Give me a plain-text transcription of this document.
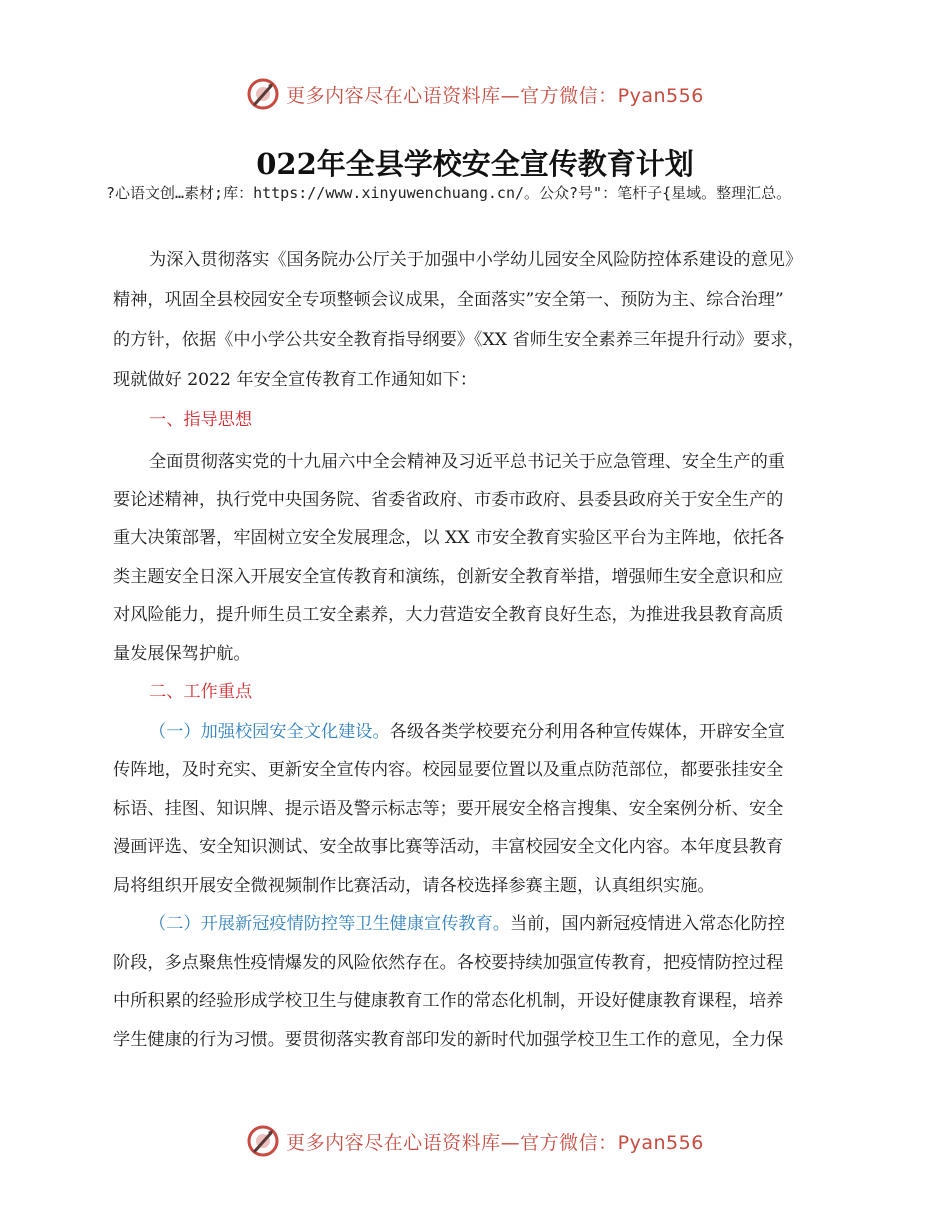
更多内容尽在心语资料库—官方微信：Pyan556
022年全县学校安全宣传教育计划
?心语文创…素材;库：https://www.xinyuwenchuang.cn/。公众?号"：笔杆子{星域。整理汇总。
为深入贯彻落实《国务院办公厅关于加强中小学幼儿园安全风险防控体系建设的意见》
精神，巩固全县校园安全专项整顿会议成果，全面落实”安全第一、预防为主、综合治理”
的方针，依据《中小学公共安全教育指导纲要》《XX 省师生安全素养三年提升行动》要求，
现就做好 2022 年安全宣传教育工作通知如下：
一、指导思想
全面贯彻落实党的十九届六中全会精神及习近平总书记关于应急管理、安全生产的重
要论述精神，执行党中央国务院、省委省政府、市委市政府、县委县政府关于安全生产的
重大决策部署，牢固树立安全发展理念，以 XX 市安全教育实验区平台为主阵地，依托各
类主题安全日深入开展安全宣传教育和演练，创新安全教育举措，增强师生安全意识和应
对风险能力，提升师生员工安全素养，大力营造安全教育良好生态，为推进我县教育高质
量发展保驾护航。
二、工作重点
（一）加强校园安全文化建设。各级各类学校要充分利用各种宣传媒体，开辟安全宣
传阵地，及时充实、更新安全宣传内容。校园显要位置以及重点防范部位，都要张挂安全
标语、挂图、知识牌、提示语及警示标志等；要开展安全格言搜集、安全案例分析、安全
漫画评选、安全知识测试、安全故事比赛等活动，丰富校园安全文化内容。本年度县教育
局将组织开展安全微视频制作比赛活动，请各校选择参赛主题，认真组织实施。
（二）开展新冠疫情防控等卫生健康宣传教育。当前，国内新冠疫情进入常态化防控
阶段，多点聚焦性疫情爆发的风险依然存在。各校要持续加强宣传教育，把疫情防控过程
中所积累的经验形成学校卫生与健康教育工作的常态化机制，开设好健康教育课程，培养
学生健康的行为习惯。要贯彻落实教育部印发的新时代加强学校卫生工作的意见，全力保
更多内容尽在心语资料库—官方微信：Pyan556
